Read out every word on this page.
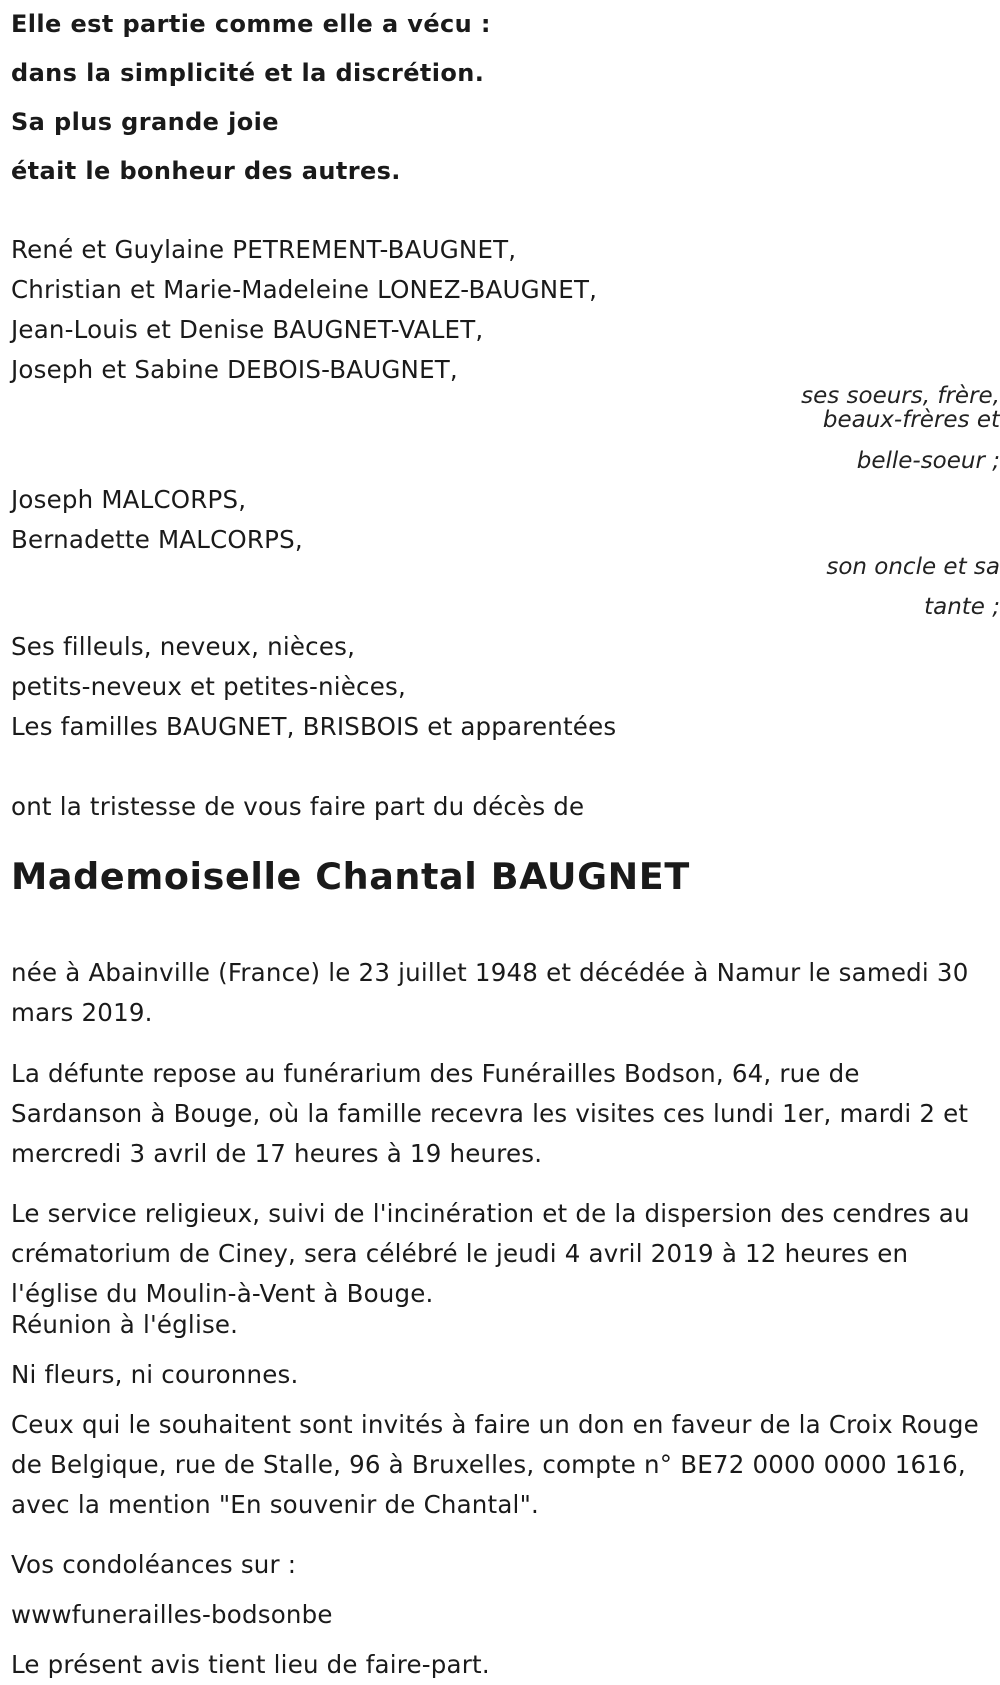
Elle est partie comme elle a vécu :
dans la simplicité et la discrétion.
Sa plus grande joie
était le bonheur des autres.
René et Guylaine PETREMENT-BAUGNET,
Christian et Marie-Madeleine LONEZ-BAUGNET,
Jean-Louis et Denise BAUGNET-VALET,
Joseph et Sabine DEBOIS-BAUGNET,
ses soeurs, frère,
beaux-frères et
belle-soeur ;
Joseph MALCORPS,
Bernadette MALCORPS,
son oncle et sa
tante ;
Ses filleuls, neveux, nièces,
petits-neveux et petites-nièces,
Les familles BAUGNET, BRISBOIS et apparentées
ont la tristesse de vous faire part du décès de
Mademoiselle Chantal BAUGNET
née à Abainville (France) le 23 juillet 1948 et décédée à Namur le samedi 30 mars 2019.
La défunte repose au funérarium des Funérailles Bodson, 64, rue de Sardanson à Bouge, où la famille recevra les visites ces lundi 1er, mardi 2 et mercredi 3 avril de 17 heures à 19 heures.
Le service religieux, suivi de l'incinération et de la dispersion des cendres au crématorium de Ciney, sera célébré le jeudi 4 avril 2019 à 12 heures en l'église du Moulin-à-Vent à Bouge.
Réunion à l'église.
Ni fleurs, ni couronnes.
Ceux qui le souhaitent sont invités à faire un don en faveur de la Croix Rouge de Belgique, rue de Stalle, 96 à Bruxelles, compte n° BE72 0000 0000 1616, avec la mention "En souvenir de Chantal".
Vos condoléances sur :
wwwfunerailles-bodsonbe
Le présent avis tient lieu de faire-part.
